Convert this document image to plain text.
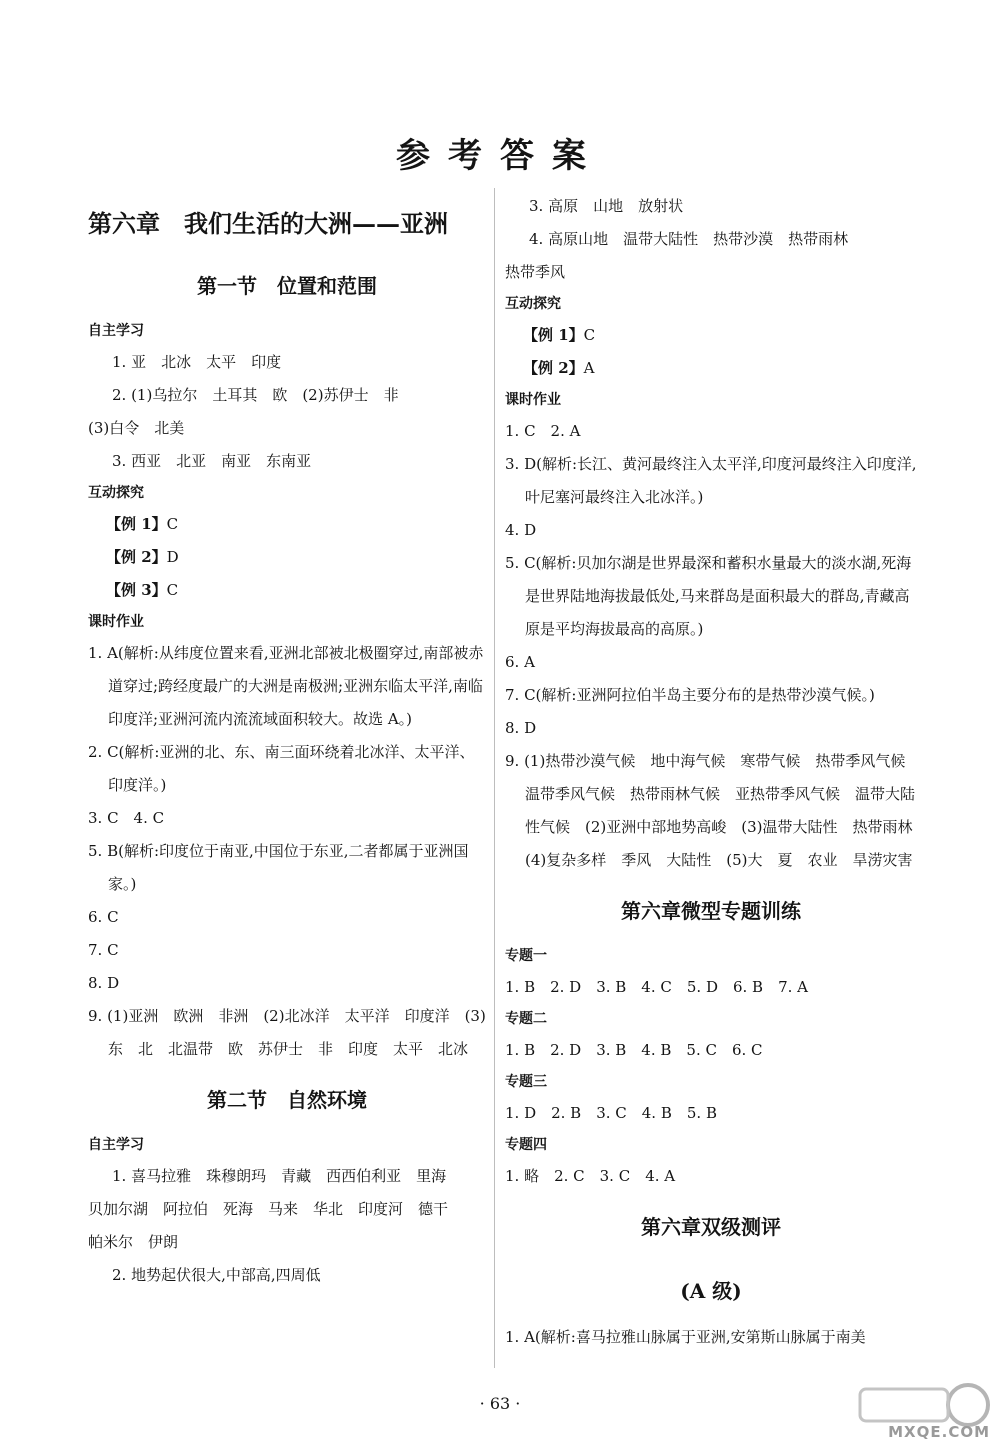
参考答案
第六章　我们生活的大洲——亚洲
第一节　位置和范围
自主学习
1. 亚　北冰　太平　印度
2. (1)乌拉尔　土耳其　欧　(2)苏伊士　非
(3)白令　北美
3. 西亚　北亚　南亚　东南亚
互动探究
【例 1】C
【例 2】D
【例 3】C
课时作业
1. A(解析:从纬度位置来看,亚洲北部被北极圈穿过,南部被赤道穿过;跨经度最广的大洲是南极洲;亚洲东临太平洋,南临印度洋;亚洲河流内流流域面积较大。故选 A。)
2. C(解析:亚洲的北、东、南三面环绕着北冰洋、太平洋、印度洋。)
3. C　4. C
5. B(解析:印度位于南亚,中国位于东亚,二者都属于亚洲国家。)
6. C
7. C
8. D
9. (1)亚洲　欧洲　非洲　(2)北冰洋　太平洋　印度洋　(3)东　北　北温带　欧　苏伊士　非　印度　太平　北冰
第二节　自然环境
自主学习
1. 喜马拉雅　珠穆朗玛　青藏　西西伯利亚　里海
贝加尔湖　阿拉伯　死海　马来　华北　印度河　德干
帕米尔　伊朗
2. 地势起伏很大,中部高,四周低
3. 高原　山地　放射状
4. 高原山地　温带大陆性　热带沙漠　热带雨林
热带季风
互动探究
【例 1】C
【例 2】A
课时作业
1. C　2. A
3. D(解析:长江、黄河最终注入太平洋,印度河最终注入印度洋,叶尼塞河最终注入北冰洋。)
4. D
5. C(解析:贝加尔湖是世界最深和蓄积水量最大的淡水湖,死海是世界陆地海拔最低处,马来群岛是面积最大的群岛,青藏高原是平均海拔最高的高原。)
6. A
7. C(解析:亚洲阿拉伯半岛主要分布的是热带沙漠气候。)
8. D
9. (1)热带沙漠气候　地中海气候　寒带气候　热带季风气候　温带季风气候　热带雨林气候　亚热带季风气候　温带大陆性气候　(2)亚洲中部地势高峻　(3)温带大陆性　热带雨林　(4)复杂多样　季风　大陆性　(5)大　夏　农业　旱涝灾害
第六章微型专题训练
专题一
1. B　2. D　3. B　4. C　5. D　6. B　7. A
专题二
1. B　2. D　3. B　4. B　5. C　6. C
专题三
1. D　2. B　3. C　4. B　5. B
专题四
1. 略　2. C　3. C　4. A
第六章双级测评
(A 级)
1. A(解析:喜马拉雅山脉属于亚洲,安第斯山脉属于南美
· 63 ·
MXQE.COM
